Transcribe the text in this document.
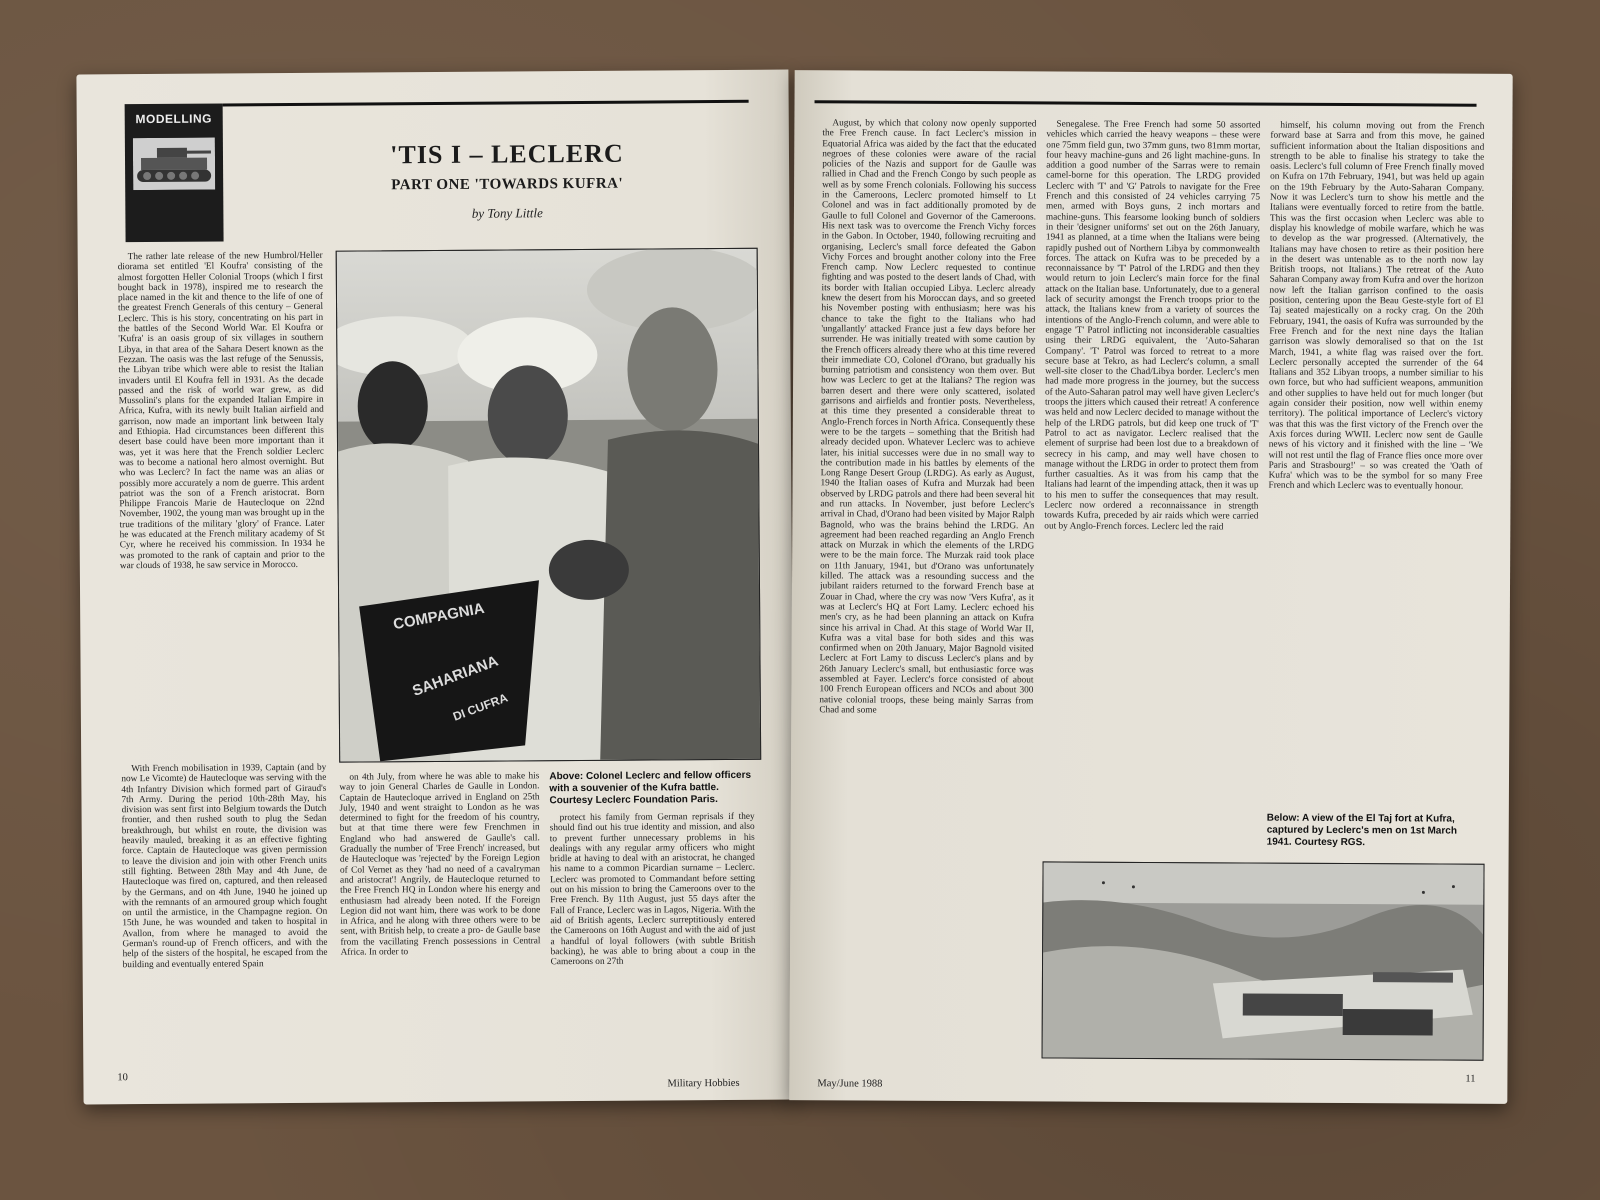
MODELLING
'TIS I – LECLERC
PART ONE 'TOWARDS KUFRA'
by Tony Little

The rather late release of the new Humbrol/Heller diorama set entitled 'El Koufra' consisting of the almost forgotten Heller Colonial Troops (which I first bought back in 1978), inspired me to research the place named in the kit and thence to the life of one of the greatest French Generals of this century – General Leclerc. This is his story, concentrating on his part in the battles of the Second World War. El Koufra or 'Kufra' is an oasis group of six villages in southern Libya, in that area of the Sahara Desert known as the Fezzan. The oasis was the last refuge of the Senussis, the Libyan tribe which were able to resist the Italian invaders until El Koufra fell in 1931. As the decade passed and the risk of world war grew, as did Mussolini's plans for the expanded Italian Empire in Africa, Kufra, with its newly built Italian airfield and garrison, now made an important link between Italy and Ethiopia. Had circumstances been different this desert base could have been more important than it was, yet it was here that the French soldier Leclerc was to become a national hero almost overnight. But who was Leclerc? In fact the name was an alias or possibly more accurately a nom de guerre. This ardent patriot was the son of a French aristocrat. Born Philippe Francois Marie de Hautecloque on 22nd November, 1902, the young man was brought up in the true traditions of the military 'glory' of France. Later he was educated at the French military academy of St Cyr, where he received his commission. In 1934 he was promoted to the rank of captain and prior to the war clouds of 1938, he saw service in Morocco.

COMPAGNIA
SAHARIANA
DI CUFRA

With French mobilisation in 1939, Captain (and by now Le Vicomte) de Hautecloque was serving with the 4th Infantry Division which formed part of Giraud's 7th Army. During the period 10th-28th May, his division was sent first into Belgium towards the Dutch frontier, and then rushed south to plug the Sedan breakthrough, but whilst en route, the division was heavily mauled, breaking it as an effective fighting force. Captain de Hautecloque was given permission to leave the division and join with other French units still fighting. Between 28th May and 4th June, de Hautecloque was fired on, captured, and then released by the Germans, and on 4th June, 1940 he joined up with the remnants of an armoured group which fought on until the armistice, in the Champagne region. On 15th June, he was wounded and taken to hospital in Avallon, from where he managed to avoid the German's round-up of French officers, and with the help of the sisters of the hospital, he escaped from the building and eventually entered Spain

on 4th July, from where he was able to make his way to join General Charles de Gaulle in London. Captain de Hautecloque arrived in England on 25th July, 1940 and went straight to London as he was determined to fight for the freedom of his country, but at that time there were few Frenchmen in England who had answered de Gaulle's call. Gradually the number of 'Free French' increased, but de Hautecloque was 'rejected' by the Foreign Legion of Col Vernet as they 'had no need of a cavalryman and aristocrat'! Angrily, de Hautecloque returned to the Free French HQ in London where his energy and enthusiasm had already been noted. If the Foreign Legion did not want him, there was work to be done in Africa, and he along with three others were to be sent, with British help, to create a pro- de Gaulle base from the vacillating French possessions in Central Africa. In order to

Above: Colonel Leclerc and fellow officers with a souvenier of the Kufra battle. Courtesy Leclerc Foundation Paris.

protect his family from German reprisals if they should find out his true identity and mission, and also to prevent further unnecessary problems in his dealings with any regular army officers who might bridle at having to deal with an aristocrat, he changed his name to a common Picardian surname – Leclerc. Leclerc was promoted to Commandant before setting out on his mission to bring the Cameroons over to the Free French. By 11th August, just 55 days after the Fall of France, Leclerc was in Lagos, Nigeria. With the aid of British agents, Leclerc surreptitiously entered the Cameroons on 16th August and with the aid of just a handful of loyal followers (with subtle British backing), he was able to bring about a coup in the Cameroons on 27th

10
Military Hobbies

August, by which that colony now openly supported the Free French cause. In fact Leclerc's mission in Equatorial Africa was aided by the fact that the educated negroes of these colonies were aware of the racial policies of the Nazis and support for de Gaulle was rallied in Chad and the French Congo by such people as well as by some French colonials. Following his success in the Cameroons, Leclerc promoted himself to Lt Colonel and was in fact additionally promoted by de Gaulle to full Colonel and Governor of the Cameroons. His next task was to overcome the French Vichy forces in the Gabon. In October, 1940, following recruiting and organising, Leclerc's small force defeated the Gabon Vichy Forces and brought another colony into the Free French camp. Now Leclerc requested to continue fighting and was posted to the desert lands of Chad, with its border with Italian occupied Libya. Leclerc already knew the desert from his Moroccan days, and so greeted his November posting with enthusiasm; here was his chance to take the fight to the Italians who had 'ungallantly' attacked France just a few days before her surrender. He was initially treated with some caution by the French officers already there who at this time revered their immediate CO, Colonel d'Orano, but gradually his burning patriotism and consistency won them over. But how was Leclerc to get at the Italians? The region was barren desert and there were only scattered, isolated garrisons and airfields and frontier posts. Nevertheless, at this time they presented a considerable threat to Anglo-French forces in North Africa. Consequently these were to be the targets – something that the British had already decided upon. Whatever Leclerc was to achieve later, his initial successes were due in no small way to the contribution made in his battles by elements of the Long Range Desert Group (LRDG). As early as August, 1940 the Italian oases of Kufra and Murzak had been observed by LRDG patrols and there had been several hit and run attacks. In November, just before Leclerc's arrival in Chad, d'Orano had been visited by Major Ralph Bagnold, who was the brains behind the LRDG. An agreement had been reached regarding an Anglo French attack on Murzak in which the elements of the LRDG were to be the main force. The Murzak raid took place on 11th January, 1941, but d'Orano was unfortunately killed. The attack was a resounding success and the jubilant raiders returned to the forward French base at Zouar in Chad, where the cry was now 'Vers Kufra', as it was at Leclerc's HQ at Fort Lamy. Leclerc echoed his men's cry, as he had been planning an attack on Kufra since his arrival in Chad. At this stage of World War II, Kufra was a vital base for both sides and this was confirmed when on 20th January, Major Bagnold visited Leclerc at Fort Lamy to discuss Leclerc's plans and by 26th January Leclerc's small, but enthusiastic force was assembled at Fayer. Leclerc's force consisted of about 100 French European officers and NCOs and about 300 native colonial troops, these being mainly Sarras from Chad and some

Senegalese. The Free French had some 50 assorted vehicles which carried the heavy weapons – these were one 75mm field gun, two 37mm guns, two 81mm mortar, four heavy machine-guns and 26 light machine-guns. In addition a good number of the Sarras were to remain camel-borne for this operation. The LRDG provided Leclerc with 'T' and 'G' Patrols to navigate for the Free French and this consisted of 24 vehicles carrying 75 men, armed with Boys guns, 2 inch mortars and machine-guns. This fearsome looking bunch of soldiers in their 'designer uniforms' set out on the 26th January, 1941 as planned, at a time when the Italians were being rapidly pushed out of Northern Libya by commonwealth forces. The attack on Kufra was to be preceded by a reconnaissance by 'T' Patrol of the LRDG and then they would return to join Leclerc's main force for the final attack on the Italian base. Unfortunately, due to a general lack of security amongst the French troops prior to the attack, the Italians knew from a variety of sources the intentions of the Anglo-French column, and were able to engage 'T' Patrol inflicting not inconsiderable casualties using their LRDG equivalent, the 'Auto-Saharan Company'. 'T' Patrol was forced to retreat to a more secure base at Tekro, as had Leclerc's column, a small well-site closer to the Chad/Libya border. Leclerc's men had made more progress in the journey, but the success of the Auto-Saharan patrol may well have given Leclerc's troops the jitters which caused their retreat! A conference was held and now Leclerc decided to manage without the help of the LRDG patrols, but did keep one truck of 'T' Patrol to act as navigator. Leclerc realised that the element of surprise had been lost due to a breakdown of secrecy in his camp, and may well have chosen to manage without the LRDG in order to protect them from further casualties. As it was from his camp that the Italians had learnt of the impending attack, then it was up to his men to suffer the consequences that may result. Leclerc now ordered a reconnaissance in strength towards Kufra, preceded by air raids which were carried out by Anglo-French forces. Leclerc led the raid

himself, his column moving out from the French forward base at Sarra and from this move, he gained sufficient information about the Italian dispositions and strength to be able to finalise his strategy to take the oasis. Leclerc's full column of Free French finally moved on Kufra on 17th February, 1941, but was held up again on the 19th February by the Auto-Saharan Company. Now it was Leclerc's turn to show his mettle and the Italians were eventually forced to retire from the battle. This was the first occasion when Leclerc was able to display his knowledge of mobile warfare, which he was to develop as the war progressed. (Alternatively, the Italians may have chosen to retire as their position here in the desert was untenable as to the north now lay British troops, not Italians.) The retreat of the Auto Saharan Company away from Kufra and over the horizon now left the Italian garrison confined to the oasis position, centering upon the Beau Geste-style fort of El Taj seated majestically on a rocky crag. On the 20th February, 1941, the oasis of Kufra was surrounded by the Free French and for the next nine days the Italian garrison was slowly demoralised so that on the 1st March, 1941, a white flag was raised over the fort. Leclerc personally accepted the surrender of the 64 Italians and 352 Libyan troops, a number similiar to his own force, but who had sufficient weapons, ammunition and other supplies to have held out for much longer (but again consider their position, now well within enemy territory). The political importance of Leclerc's victory was that this was the first victory of the French over the Axis forces during WWII. Leclerc now sent de Gaulle news of his victory and it finished with the line – 'We will not rest until the flag of France flies once more over Paris and Strasbourg!' – so was created the 'Oath of Kufra' which was to be the symbol for so many Free French and which Leclerc was to eventually honour.

Below: A view of the El Taj fort at Kufra, captured by Leclerc's men on 1st March 1941. Courtesy RGS.
May/June 1988	11
